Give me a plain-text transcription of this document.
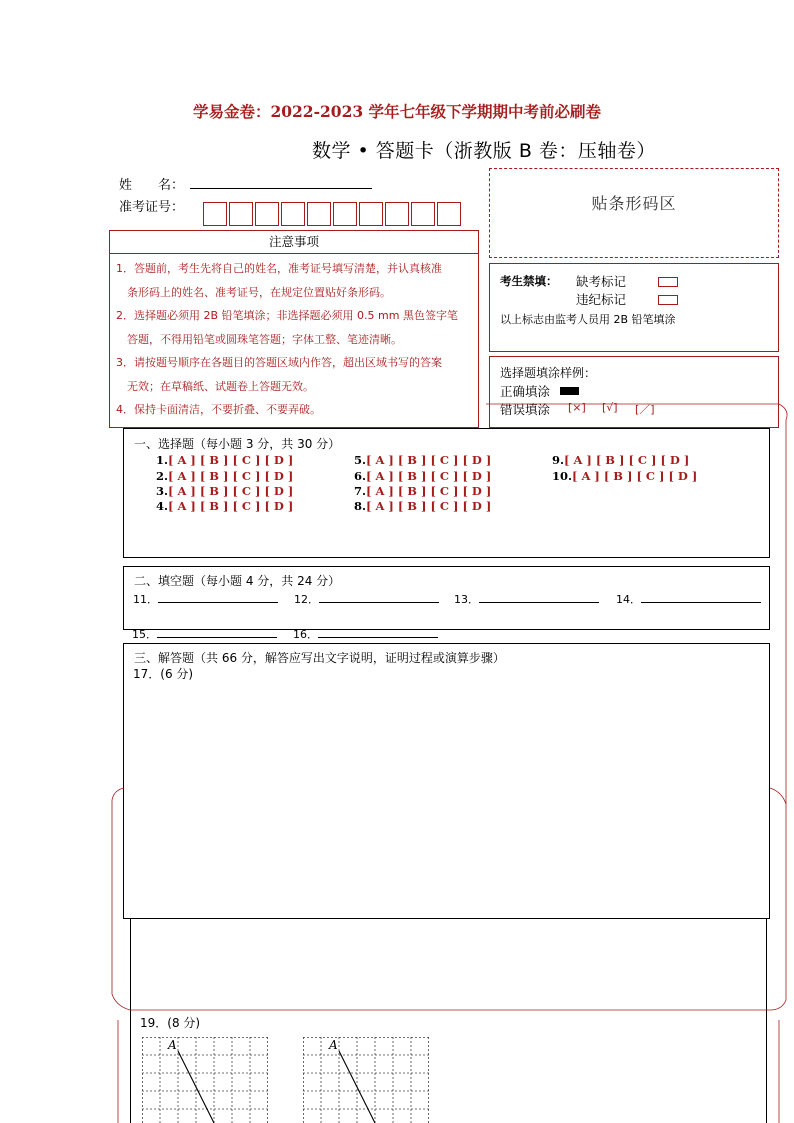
学易金卷：2022-2023 学年七年级下学期期中考前必刷卷
数学 • 答题卡（浙教版 B 卷：压轴卷）
姓　　名：
准考证号：	贴条形码区
注意事项

1．答题前，考生先将自己的姓名，准考证号填写清楚，并认真核准

　条形码上的姓名、准考证号，在规定位置贴好条形码。

2．选择题必须用 2B 铅笔填涂；非选择题必须用 0.5 mm 黑色签字笔

　答题，不得用铅笔或圆珠笔答题；字体工整、笔迹清晰。

3．请按题号顺序在各题目的答题区域内作答，超出区域书写的答案

　无效；在草稿纸、试题卷上答题无效。

4．保持卡面清洁，不要折叠、不要弄破。

考生禁填： 缺考标记
违纪标记
以上标志由监考人员用 2B 铅笔填涂
选择题填涂样例：
正确填涂
错误填涂 [×] [√] [／]
一、选择题（每小题 3 分，共 30 分）
1.[ A ] [ B ] [ C ] [ D ]
2.[ A ] [ B ] [ C ] [ D ]
3.[ A ] [ B ] [ C ] [ D ]
4.[ A ] [ B ] [ C ] [ D ]
5.[ A ] [ B ] [ C ] [ D ]
6.[ A ] [ B ] [ C ] [ D ]
7.[ A ] [ B ] [ C ] [ D ]
8.[ A ] [ B ] [ C ] [ D ]
9.[ A ] [ B ] [ C ] [ D ]
10.[ A ] [ B ] [ C ] [ D ]
二、填空题（每小题 4 分，共 24 分）
11．	12．	13．	14．
15．	16．
三、解答题（共 66 分，解答应写出文字说明，证明过程或演算步骤）
17．(6 分)
19．(8 分)
A	A
